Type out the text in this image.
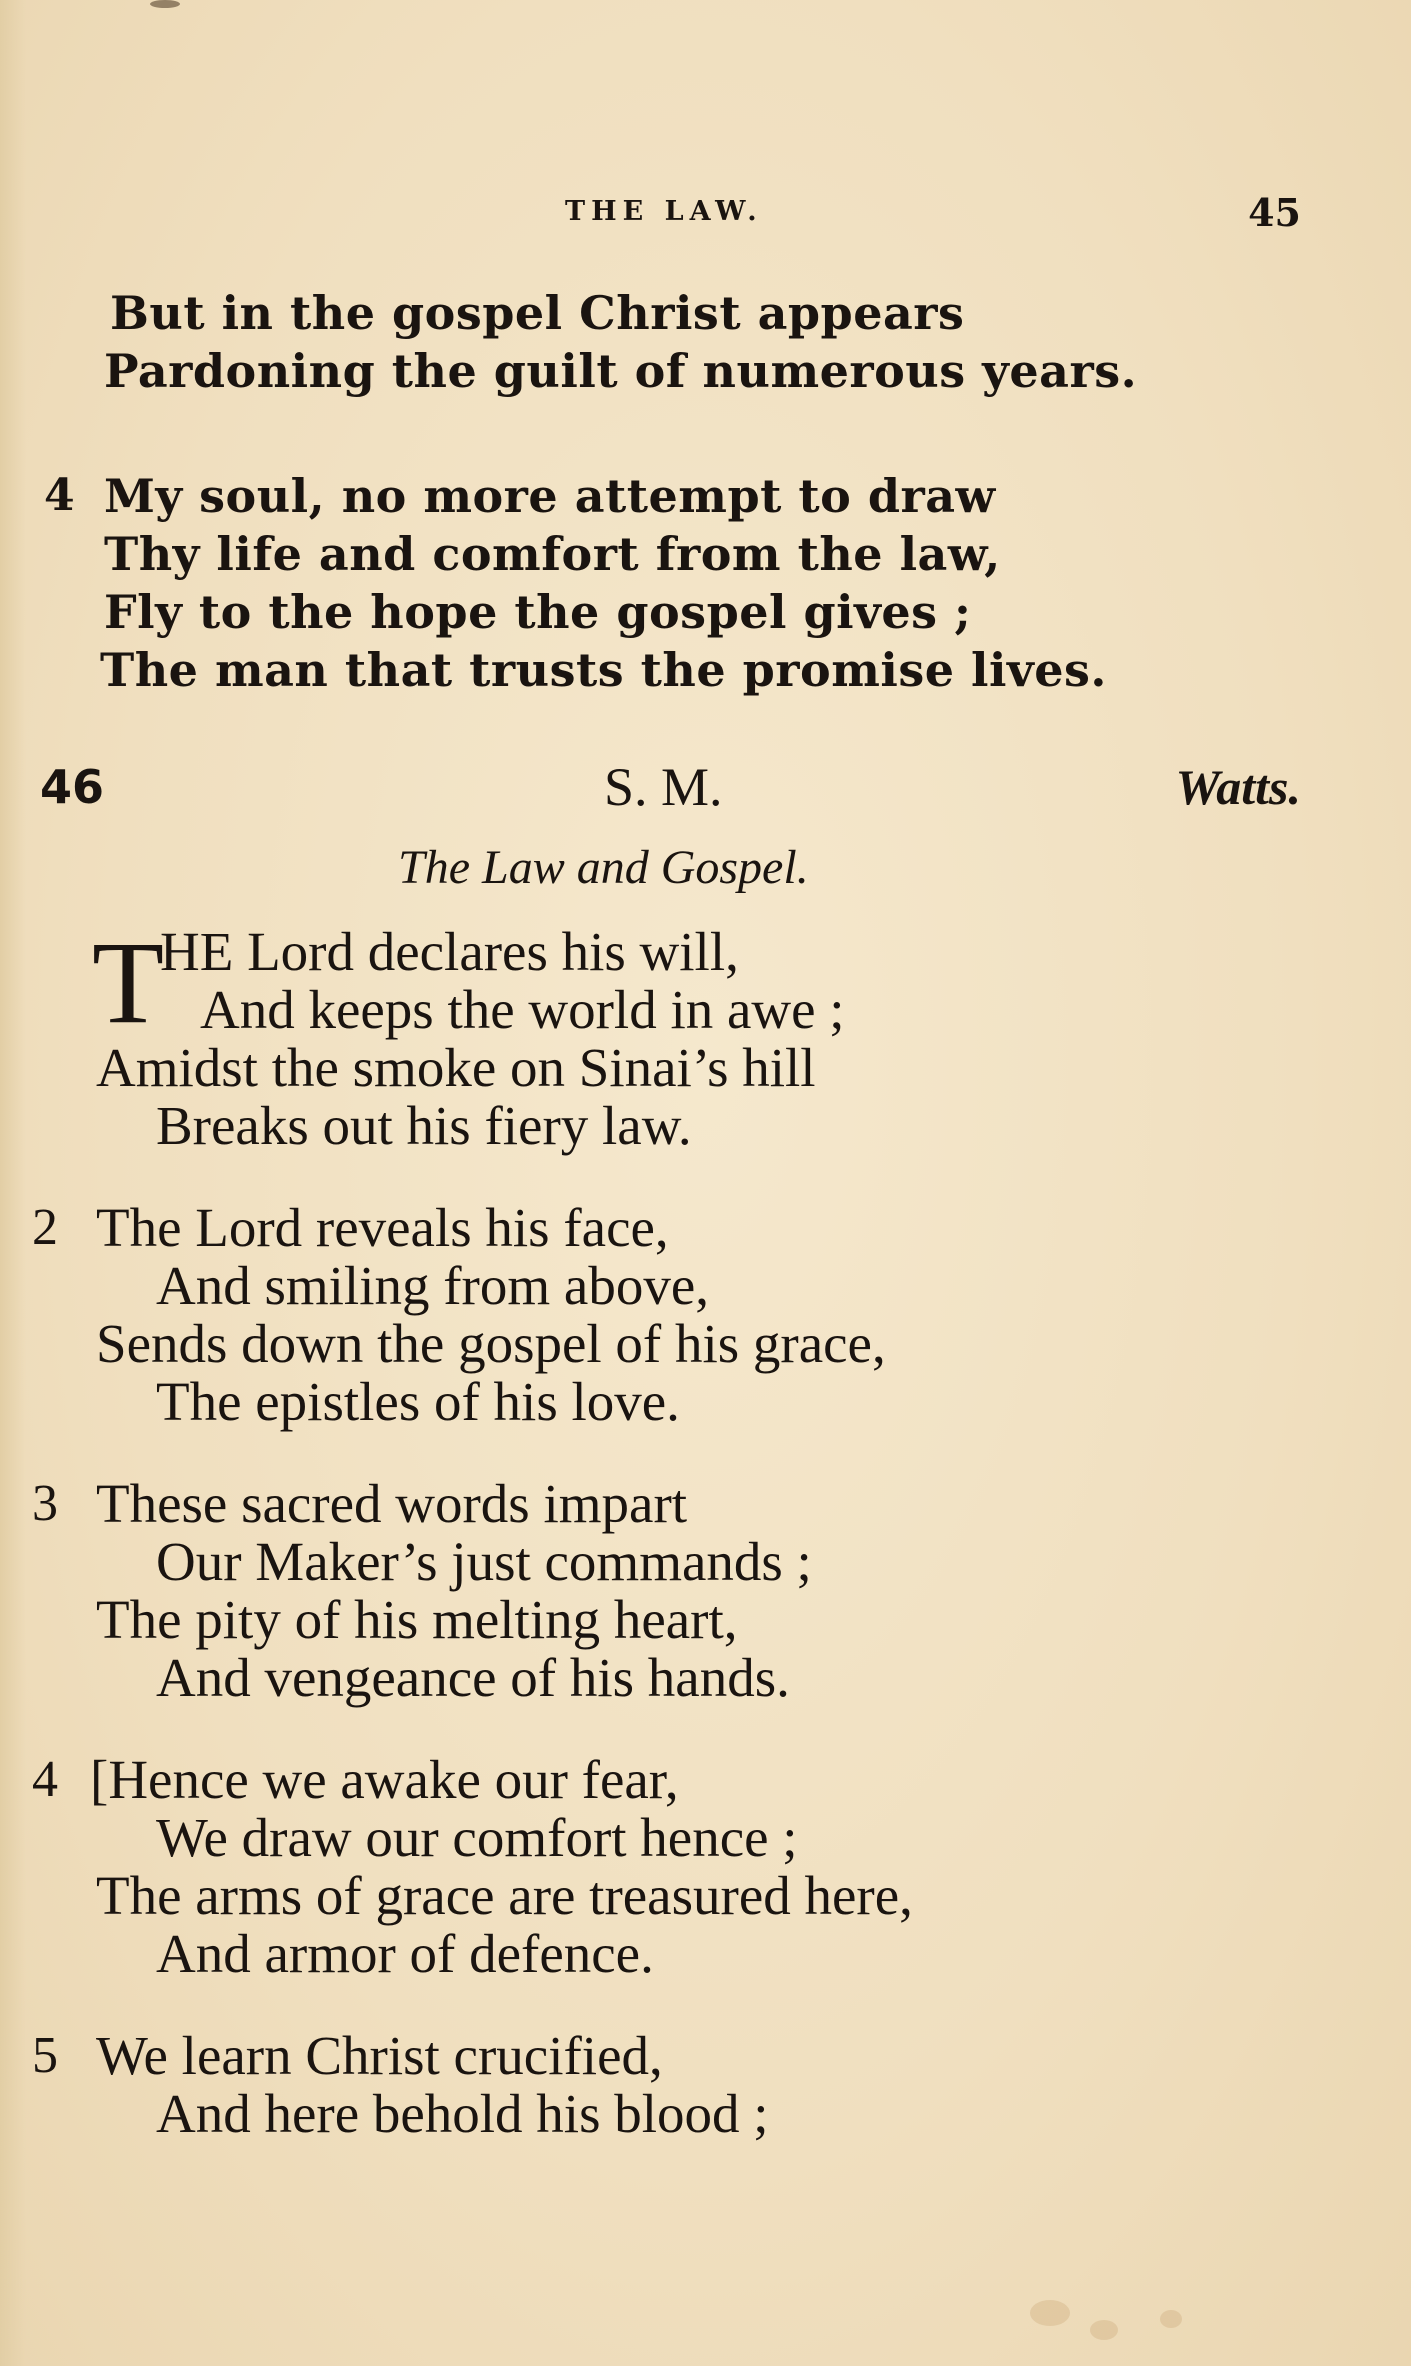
THE LAW.	45
But in the gospel Christ appears
Pardoning the guilt of numerous years.
4 My soul, no more attempt to draw
Thy life and comfort from the law,
Fly to the hope the gospel gives ;
The man that trusts the promise lives.
46	S. M.	Watts.
The Law and Gospel.
T
HE Lord declares his will,
And keeps the world in awe ;
Amidst the smoke on Sinai’s hill
Breaks out his fiery law.
2 The Lord reveals his face,
And smiling from above,
Sends down the gospel of his grace,
The epistles of his love.
3 These sacred words impart
Our Maker’s just commands ;
The pity of his melting heart,
And vengeance of his hands.
4 [Hence we awake our fear,
We draw our comfort hence ;
The arms of grace are treasured here,
And armor of defence.
5 We learn Christ crucified,
And here behold his blood ;
